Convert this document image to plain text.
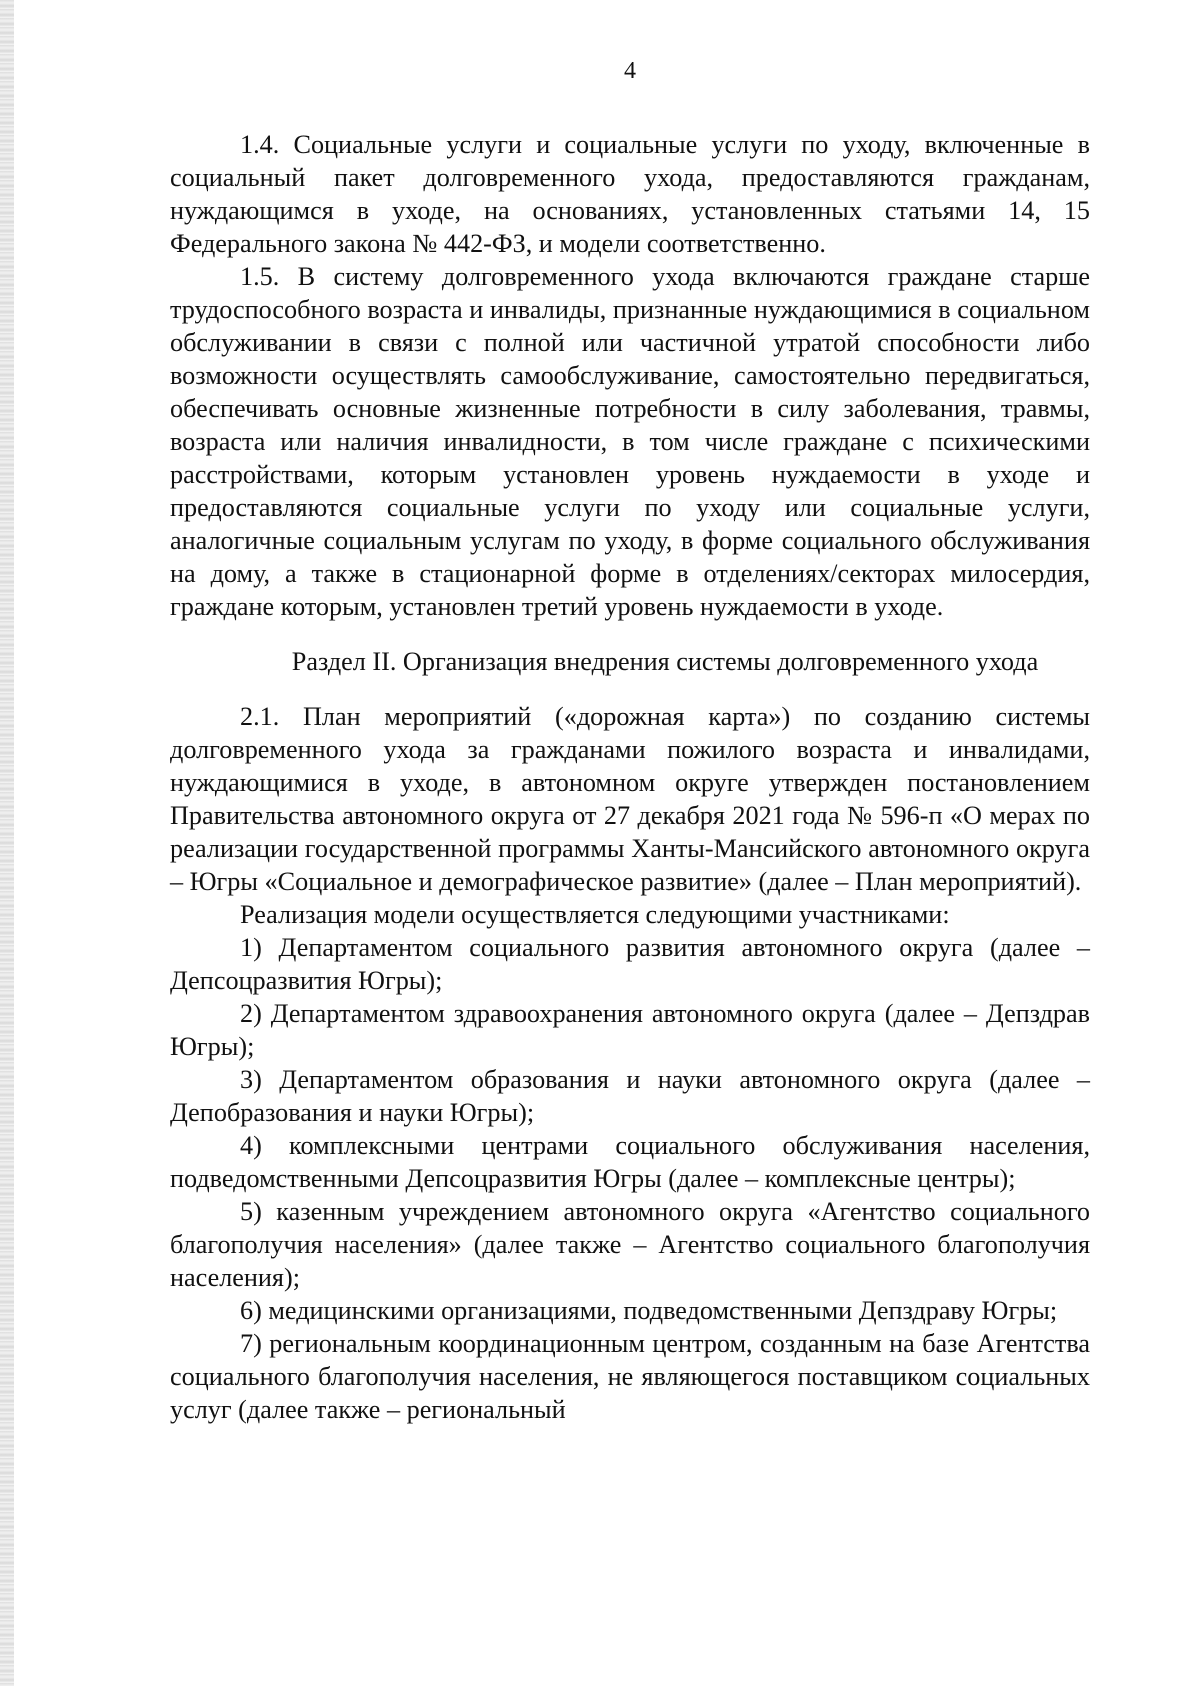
4

1.4. Социальные услуги и социальные услуги по уходу, включенные в социальный пакет долговременного ухода, предоставляются гражданам, нуждающимся в уходе, на основаниях, установленных статьями 14, 15 Федерального закона № 442-ФЗ, и модели соответственно.

1.5. В систему долговременного ухода включаются граждане старше трудоспособного возраста и инвалиды, признанные нуждающимися в социальном обслуживании в связи с полной или частичной утратой способности либо возможности осуществлять самообслуживание, самостоятельно передвигаться, обеспечивать основные жизненные потребности в силу заболевания, травмы, возраста или наличия инвалидности, в том числе граждане с психическими расстройствами, которым установлен уровень нуждаемости в уходе и предоставляются социальные услуги по уходу или социальные услуги, аналогичные социальным услугам по уходу, в форме социального обслуживания на дому, а также в стационарной форме в отделениях/секторах милосердия, граждане которым, установлен третий уровень нуждаемости в уходе.

Раздел II. Организация внедрения системы долговременного ухода

2.1. План мероприятий («дорожная карта») по созданию системы долговременного ухода за гражданами пожилого возраста и инвалидами, нуждающимися в уходе, в автономном округе утвержден постановлением Правительства автономного округа от 27 декабря 2021 года № 596-п «О мерах по реализации государственной программы Ханты-Мансийского автономного округа – Югры «Социальное и демографическое развитие» (далее – План мероприятий).

Реализация модели осуществляется следующими участниками:

1) Департаментом социального развития автономного округа (далее – Депсоцразвития Югры);

2) Департаментом здравоохранения автономного округа (далее – Депздрав Югры);

3) Департаментом образования и науки автономного округа (далее – Депобразования и науки Югры);

4) комплексными центрами социального обслуживания населения, подведомственными Депсоцразвития Югры (далее – комплексные центры);

5) казенным учреждением автономного округа «Агентство социального благополучия населения» (далее также – Агентство социального благополучия населения);

6) медицинскими организациями, подведомственными Депздраву Югры;

7) региональным координационным центром, созданным на базе Агентства социального благополучия населения, не являющегося поставщиком социальных услуг (далее также – региональный
